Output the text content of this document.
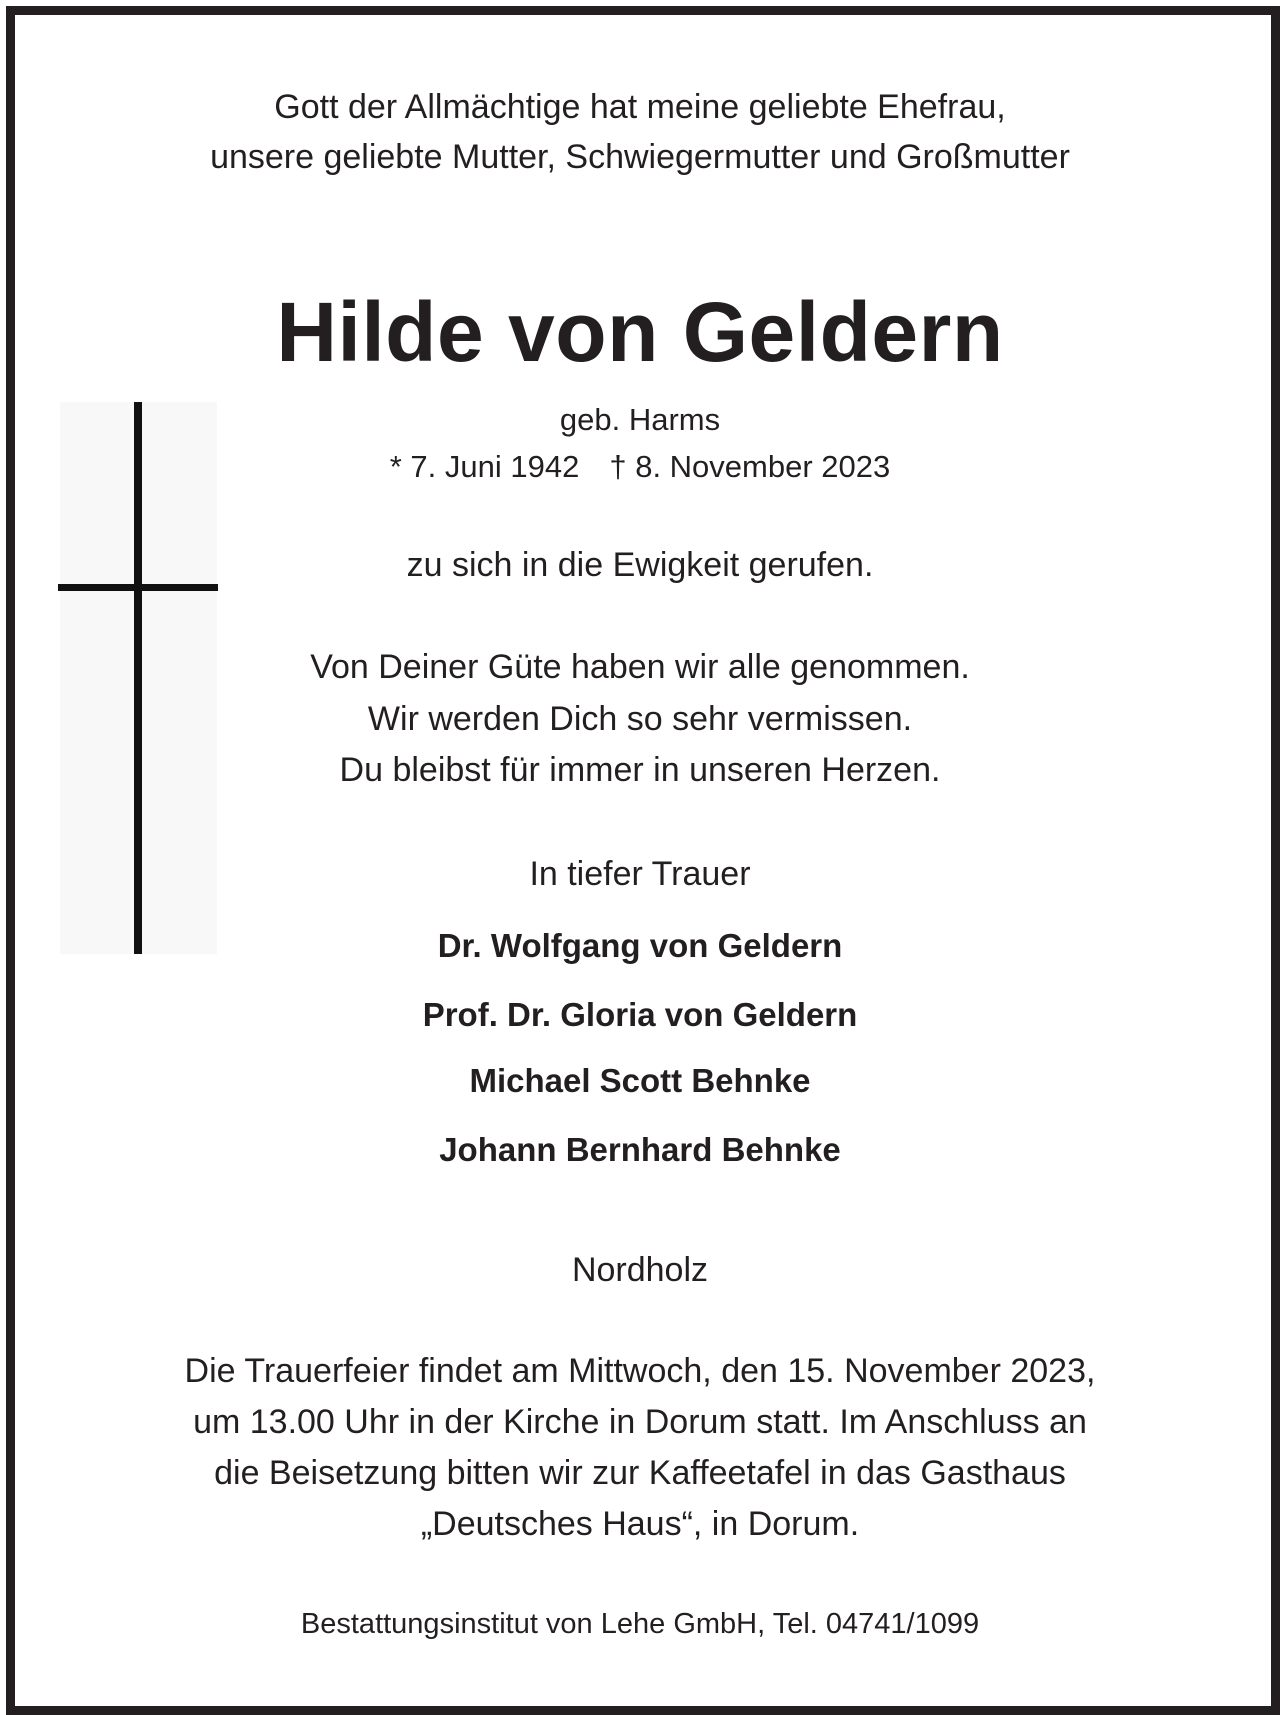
Gott der Allmächtige hat meine geliebte Ehefrau,
unsere geliebte Mutter, Schwiegermutter und Großmutter
Hilde von Geldern
geb. Harms
* 7. Juni 1942 † 8. November 2023
zu sich in die Ewigkeit gerufen.
Von Deiner Güte haben wir alle genommen.
Wir werden Dich so sehr vermissen.
Du bleibst für immer in unseren Herzen.
In tiefer Trauer
Dr. Wolfgang von Geldern
Prof. Dr. Gloria von Geldern
Michael Scott Behnke
Johann Bernhard Behnke
Nordholz
Die Trauerfeier findet am Mittwoch, den 15. November 2023,
um 13.00 Uhr in der Kirche in Dorum statt. Im Anschluss an
die Beisetzung bitten wir zur Kaffeetafel in das Gasthaus
„Deutsches Haus“, in Dorum.
Bestattungsinstitut von Lehe GmbH, Tel. 04741/1099
